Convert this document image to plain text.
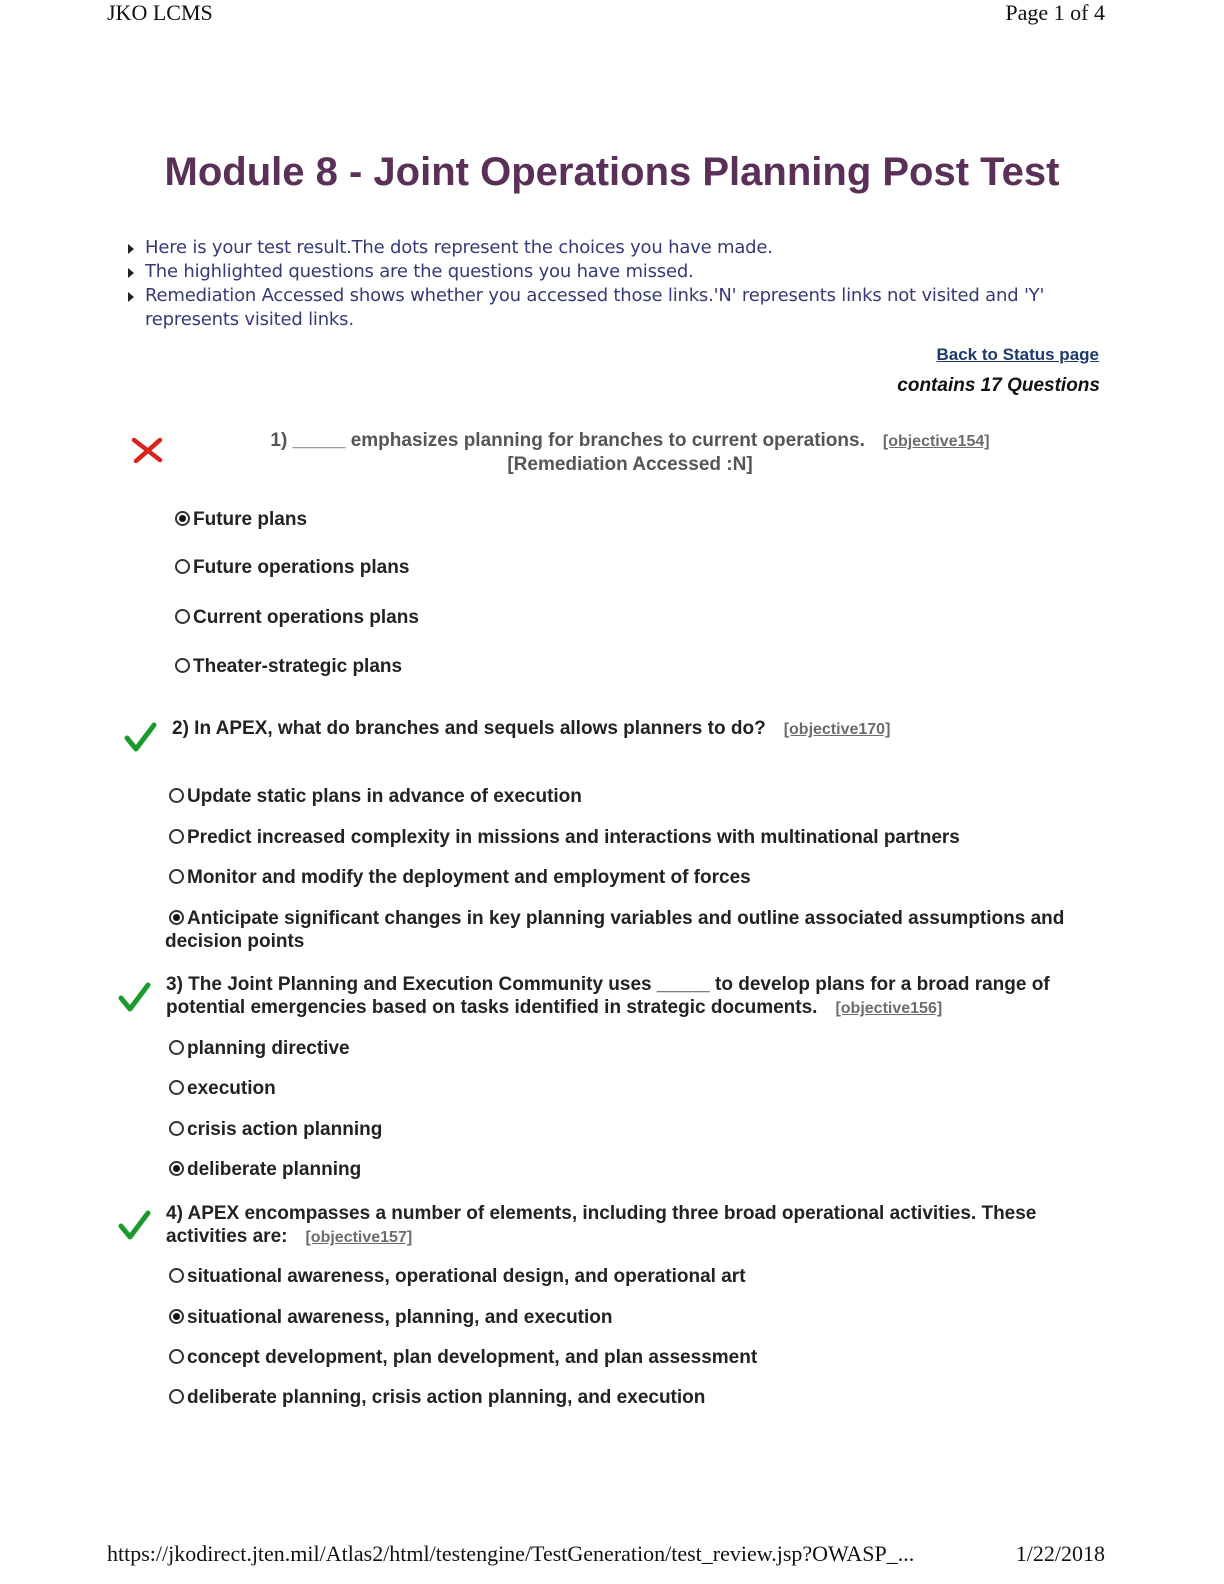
JKO LCMS	Page 1 of 4
Module 8 - Joint Operations Planning Post Test
Here is your test result.The dots represent the choices you have made.
The highlighted questions are the questions you have missed.
Remediation Accessed shows whether you accessed those links.'N' represents links not visited and 'Y' represents visited links.
Back to Status page
contains 17 Questions
1) _____ emphasizes planning for branches to current operations. [objective154]
[Remediation Accessed :N]
Future plans
Future operations plans
Current operations plans
Theater-strategic plans
2) In APEX, what do branches and sequels allows planners to do? [objective170]
Update static plans in advance of execution
Predict increased complexity in missions and interactions with multinational partners
Monitor and modify the deployment and employment of forces
Anticipate significant changes in key planning variables and outline associated assumptions and decision points
3) The Joint Planning and Execution Community uses _____ to develop plans for a broad range of potential emergencies based on tasks identified in strategic documents. [objective156]
planning directive
execution
crisis action planning
deliberate planning
4) APEX encompasses a number of elements, including three broad operational activities. These activities are: [objective157]
situational awareness, operational design, and operational art
situational awareness, planning, and execution
concept development, plan development, and plan assessment
deliberate planning, crisis action planning, and execution
https://jkodirect.jten.mil/Atlas2/html/testengine/TestGeneration/test_review.jsp?OWASP_...	1/22/2018
